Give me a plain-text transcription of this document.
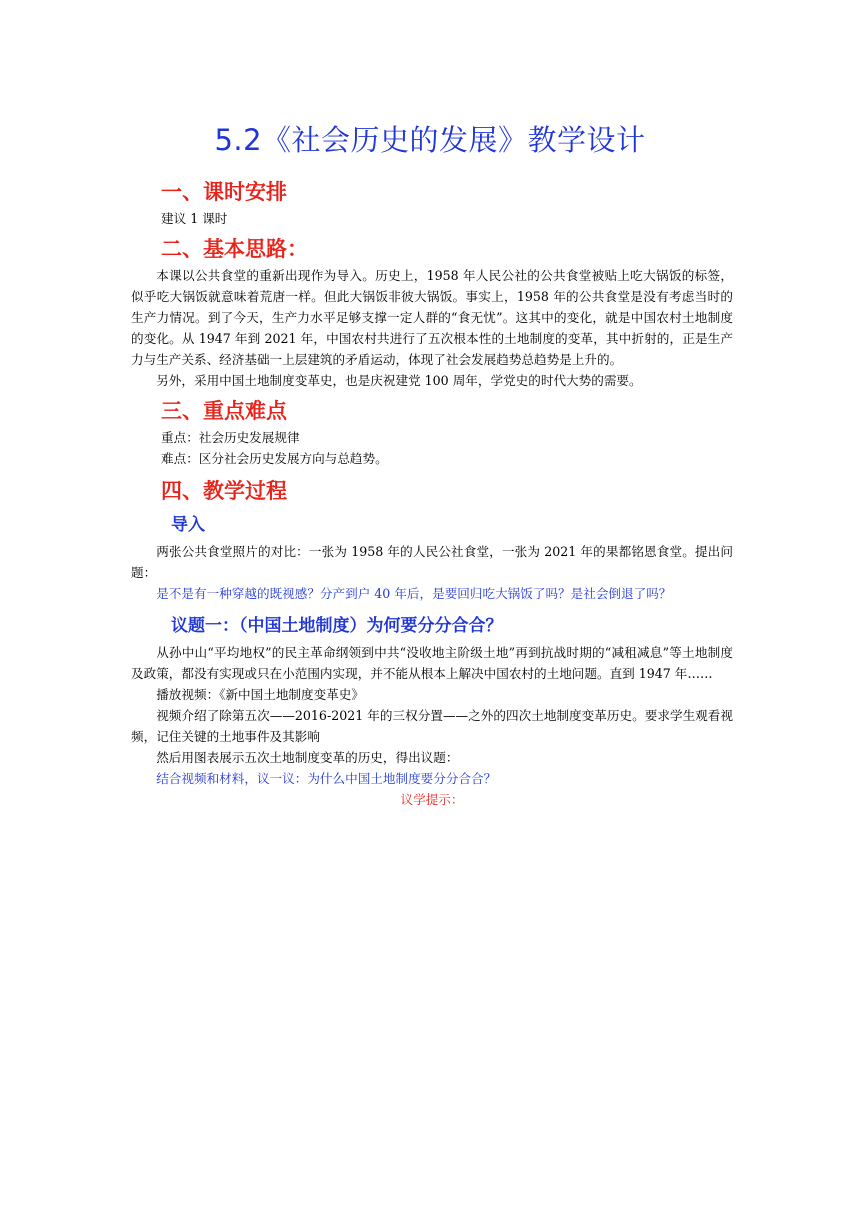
5.2《社会历史的发展》教学设计
一、课时安排

建议 1 课时

二、基本思路：

本课以公共食堂的重新出现作为导入。历史上，1958 年人民公社的公共食堂被贴上吃大锅饭的标签，似乎吃大锅饭就意味着荒唐一样。但此大锅饭非彼大锅饭。事实上，1958 年的公共食堂是没有考虑当时的生产力情况。到了今天，生产力水平足够支撑一定人群的“食无忧”。这其中的变化，就是中国农村土地制度的变化。从 1947 年到 2021 年，中国农村共进行了五次根本性的土地制度的变革，其中折射的，正是生产力与生产关系、经济基础一上层建筑的矛盾运动，体现了社会发展趋势总趋势是上升的。

另外，采用中国土地制度变革史，也是庆祝建党 100 周年，学党史的时代大势的需要。

三、重点难点

重点：社会历史发展规律

难点：区分社会历史发展方向与总趋势。

四、教学过程
导入

两张公共食堂照片的对比：一张为 1958 年的人民公社食堂，一张为 2021 年的果都铭恩食堂。提出问题：

是不是有一种穿越的既视感？分产到户 40 年后，是要回归吃大锅饭了吗？是社会倒退了吗？

议题一：（中国土地制度）为何要分分合合？

从孙中山“平均地权”的民主革命纲领到中共“没收地主阶级土地”再到抗战时期的“减租减息”等土地制度及政策，都没有实现或只在小范围内实现，并不能从根本上解决中国农村的土地问题。直到 1947 年……

播放视频：《新中国土地制度变革史》

视频介绍了除第五次——2016-2021 年的三权分置——之外的四次土地制度变革历史。要求学生观看视频，记住关键的土地事件及其影响

然后用图表展示五次土地制度变革的历史，得出议题：

结合视频和材料，议一议：为什么中国土地制度要分分合合？

议学提示：
